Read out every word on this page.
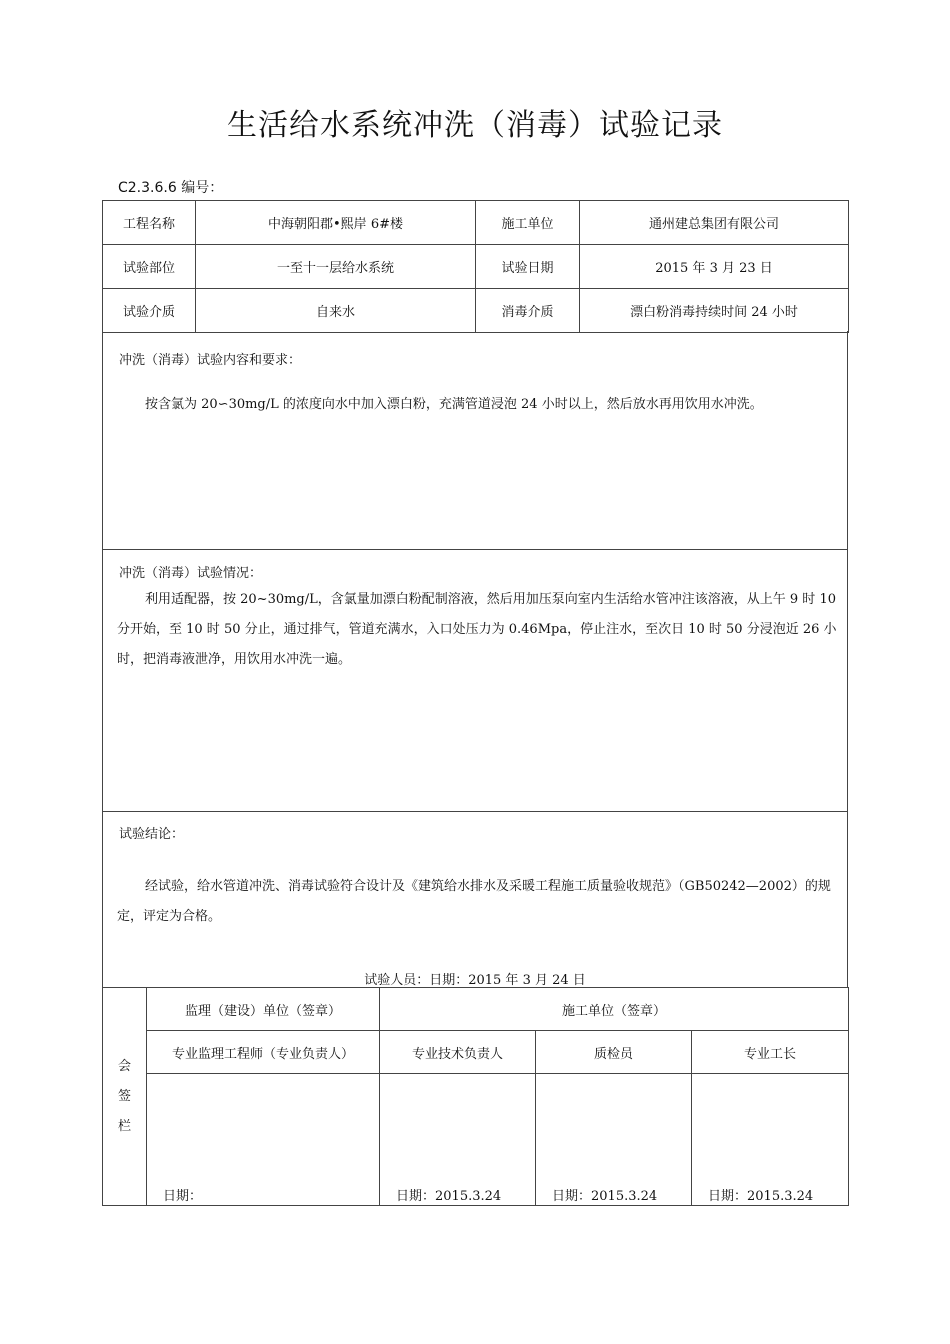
生活给水系统冲洗（消毒）试验记录
C2.3.6.6 编号：
工程名称	中海朝阳郡•熙岸 6#楼	施工单位	通州建总集团有限公司
试验部位	一至十一层给水系统	试验日期	2015 年 3 月 23 日
试验介质	自来水	消毒介质	漂白粉消毒持续时间 24 小时
冲洗（消毒）试验内容和要求：
按含氯为 20∽30mg/L 的浓度向水中加入漂白粉，充满管道浸泡 24 小时以上，然后放水再用饮用水冲洗。
冲洗（消毒）试验情况：
利用适配器，按 20~30mg/L，含氯量加漂白粉配制溶液，然后用加压泵向室内生活给水管冲注该溶液，从上午 9 时 10 分开始，至 10 时 50 分止，通过排气，管道充满水，入口处压力为 0.46Mpa，停止注水，至次日 10 时 50 分浸泡近 26 小时，把消毒液泄净，用饮用水冲洗一遍。
试验结论：
经试验，给水管道冲洗、消毒试验符合设计及《建筑给水排水及采暖工程施工质量验收规范》（GB50242—2002）的规定，评定为合格。
试验人员：日期：2015 年 3 月 24 日
会
签
栏	监理（建设）单位（签章）	施工单位（签章）		
	专业监理工程师（专业负责人）	专业技术负责人	质检员	专业工长

	日期：	日期：2015.3.24	日期：2015.3.24	日期：2015.3.24
